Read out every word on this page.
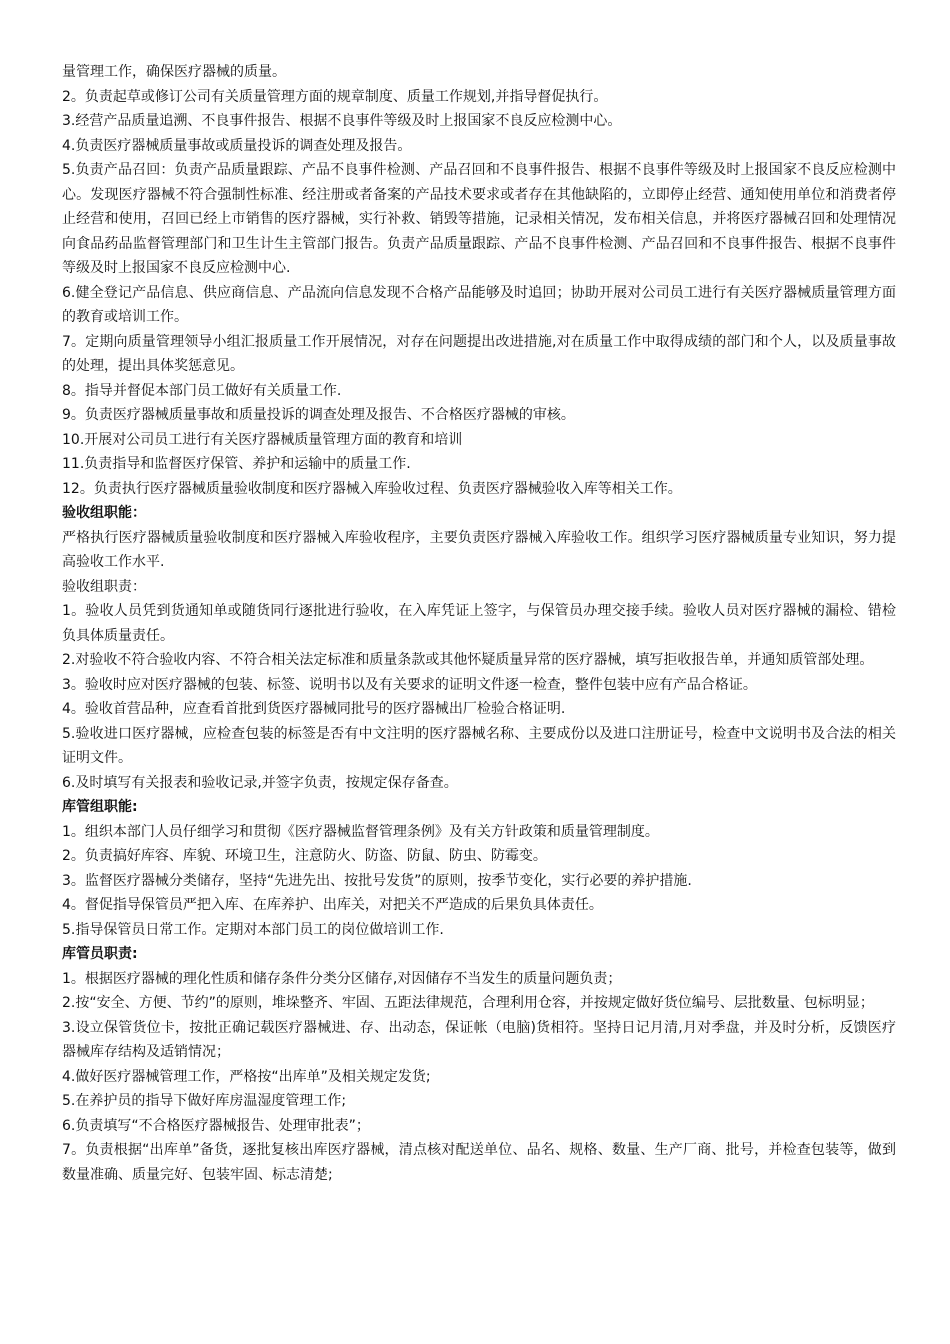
量管理工作，确保医疗器械的质量。

2。负责起草或修订公司有关质量管理方面的规章制度、质量工作规划,并指导督促执行。

3.经营产品质量追溯、不良事件报告、根据不良事件等级及时上报国家不良反应检测中心。

4.负责医疗器械质量事故或质量投诉的调查处理及报告。

5.负责产品召回：负责产品质量跟踪、产品不良事件检测、产品召回和不良事件报告、根据不良事件等级及时上报国家不良反应检测中心。发现医疗器械不符合强制性标准、经注册或者备案的产品技术要求或者存在其他缺陷的，立即停止经营、通知使用单位和消费者停止经营和使用，召回已经上市销售的医疗器械，实行补救、销毁等措施，记录相关情况，发布相关信息，并将医疗器械召回和处理情况向食品药品监督管理部门和卫生计生主管部门报告。负责产品质量跟踪、产品不良事件检测、产品召回和不良事件报告、根据不良事件等级及时上报国家不良反应检测中心.

6.健全登记产品信息、供应商信息、产品流向信息发现不合格产品能够及时追回；协助开展对公司员工进行有关医疗器械质量管理方面的教育或培训工作。

7。定期向质量管理领导小组汇报质量工作开展情况，对存在问题提出改进措施,对在质量工作中取得成绩的部门和个人，以及质量事故的处理，提出具体奖惩意见。

8。指导并督促本部门员工做好有关质量工作.

9。负责医疗器械质量事故和质量投诉的调查处理及报告、不合格医疗器械的审核。

10.开展对公司员工进行有关医疗器械质量管理方面的教育和培训

11.负责指导和监督医疗保管、养护和运输中的质量工作.

12。负责执行医疗器械质量验收制度和医疗器械入库验收过程、负责医疗器械验收入库等相关工作。

验收组职能：

严格执行医疗器械质量验收制度和医疗器械入库验收程序，主要负责医疗器械入库验收工作。组织学习医疗器械质量专业知识，努力提高验收工作水平.

验收组职责：

1。验收人员凭到货通知单或随货同行逐批进行验收，在入库凭证上签字，与保管员办理交接手续。验收人员对医疗器械的漏检、错检负具体质量责任。

2.对验收不符合验收内容、不符合相关法定标准和质量条款或其他怀疑质量异常的医疗器械，填写拒收报告单，并通知质管部处理。

3。验收时应对医疗器械的包装、标签、说明书以及有关要求的证明文件逐一检查，整件包装中应有产品合格证。

4。验收首营品种，应查看首批到货医疗器械同批号的医疗器械出厂检验合格证明.

5.验收进口医疗器械，应检查包装的标签是否有中文注明的医疗器械名称、主要成份以及进口注册证号，检查中文说明书及合法的相关证明文件。

6.及时填写有关报表和验收记录,并签字负责，按规定保存备查。

库管组职能:

1。组织本部门人员仔细学习和贯彻《医疗器械监督管理条例》及有关方针政策和质量管理制度。

2。负责搞好库容、库貌、环境卫生，注意防火、防盗、防鼠、防虫、防霉变。

3。监督医疗器械分类储存，坚持“先进先出、按批号发货”的原则，按季节变化，实行必要的养护措施.

4。督促指导保管员严把入库、在库养护、出库关，对把关不严造成的后果负具体责任。

5.指导保管员日常工作。定期对本部门员工的岗位做培训工作.

库管员职责:

1。根据医疗器械的理化性质和储存条件分类分区储存,对因储存不当发生的质量问题负责；

2.按“安全、方便、节约”的原则，堆垛整齐、牢固、五距法律规范，合理利用仓容，并按规定做好货位编号、层批数量、包标明显；

3.设立保管货位卡，按批正确记载医疗器械进、存、出动态，保证帐（电脑)货相符。坚持日记月清,月对季盘，并及时分析，反馈医疗器械库存结构及适销情况；

4.做好医疗器械管理工作，严格按“出库单”及相关规定发货;

5.在养护员的指导下做好库房温湿度管理工作;

6.负责填写“不合格医疗器械报告、处理审批表”；

7。负责根据“出库单”备货，逐批复核出库医疗器械，清点核对配送单位、品名、规格、数量、生产厂商、批号，并检查包装等，做到数量准确、质量完好、包装牢固、标志清楚;
